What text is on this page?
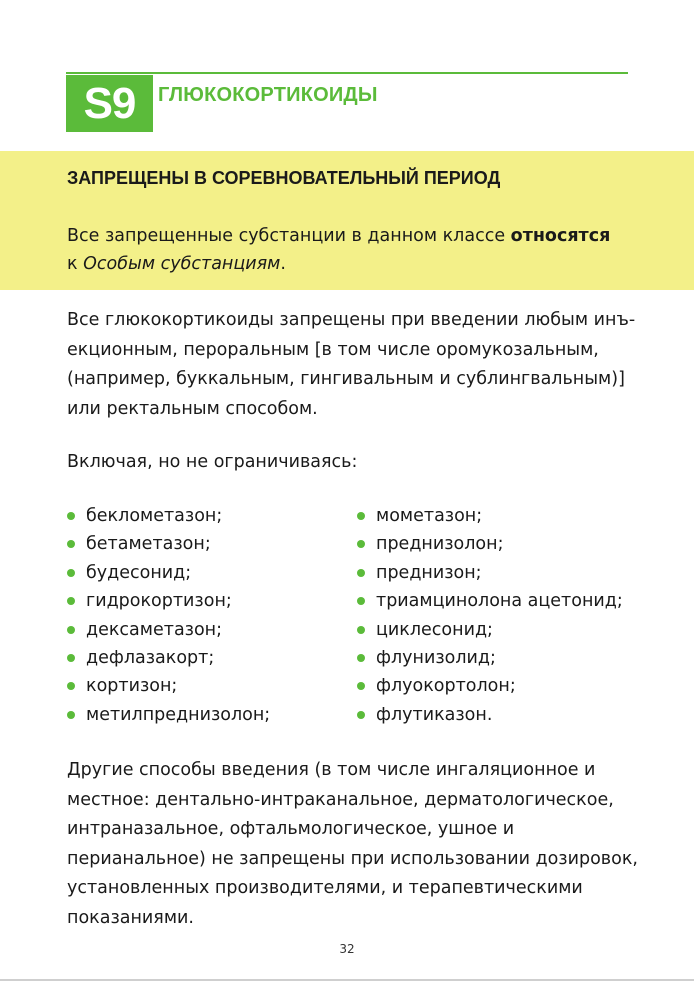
S9	ГЛЮКОКОРТИКОИДЫ
ЗАПРЕЩЕНЫ В СОРЕВНОВАТЕЛЬНЫЙ ПЕРИОД
Все запрещенные субстанции в данном классе относятся
к Особым субстанциям.
Все глюкокортикоиды запрещены при введении любым инъекционным, пероральным [в том числе оромукозальным, (например, буккальным, гингивальным и сублингвальным)] или ректальным способом.
Включая, но не ограничиваясь:
беклометазон;
бетаметазон;
будесонид;
гидрокортизон;
дексаметазон;
дефлазакорт;
кортизон;
метилпреднизолон;
мометазон;
преднизолон;
преднизон;
триамцинолона ацетонид;
циклесонид;
флунизолид;
флуокортолон;
флутиказон.
Другие способы введения (в том числе ингаляционное и местное: дентально-интраканальное, дерматологическое, интраназальное, офтальмологическое, ушное и перианальное) не запрещены при использовании дозировок, установленных производителями, и терапевтическими показаниями.
32
